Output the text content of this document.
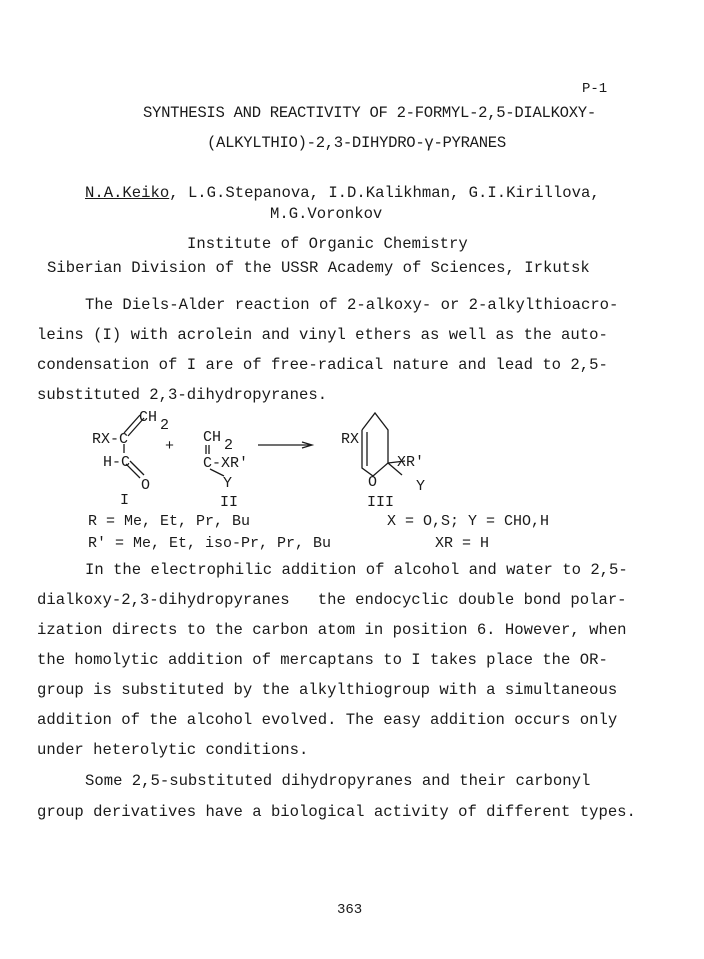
P-1
SYNTHESIS AND REACTIVITY OF 2-FORMYL-2,5-DIALKOXY-
(ALKYLTHIO)-2,3-DIHYDRO-γ-PYRANES
N.A.Keiko, L.G.Stepanova, I.D.Kalikhman, G.I.Kirillova,
M.G.Voronkov
Institute of Organic Chemistry
Siberian Division of the USSR Academy of Sciences, Irkutsk
The Diels-Alder reaction of 2-alkoxy- or 2-alkylthioacro-
leins (I) with acrolein and vinyl ethers as well as the auto-
condensation of I are of free-radical nature and lead to 2,5-
substituted 2,3-dihydropyranes.
CH 2
RX-C
H-C
O
I
+
CH 2
C-XR'
Y
II
RX
XR'
Y
O
III
R = Me, Et, Pr, Bu
R' = Me, Et, iso-Pr, Pr, Bu
X = O,S; Y = CHO,H
XR = H
In the electrophilic addition of alcohol and water to 2,5-
dialkoxy-2,3-dihydropyranes   the endocyclic double bond polar-
ization directs to the carbon atom in position 6. However, when
the homolytic addition of mercaptans to I takes place the OR-
group is substituted by the alkylthiogroup with a simultaneous
addition of the alcohol evolved. The easy addition occurs only
under heterolytic conditions.
Some 2,5-substituted dihydropyranes and their carbonyl
group derivatives have a biological activity of different types.
363
